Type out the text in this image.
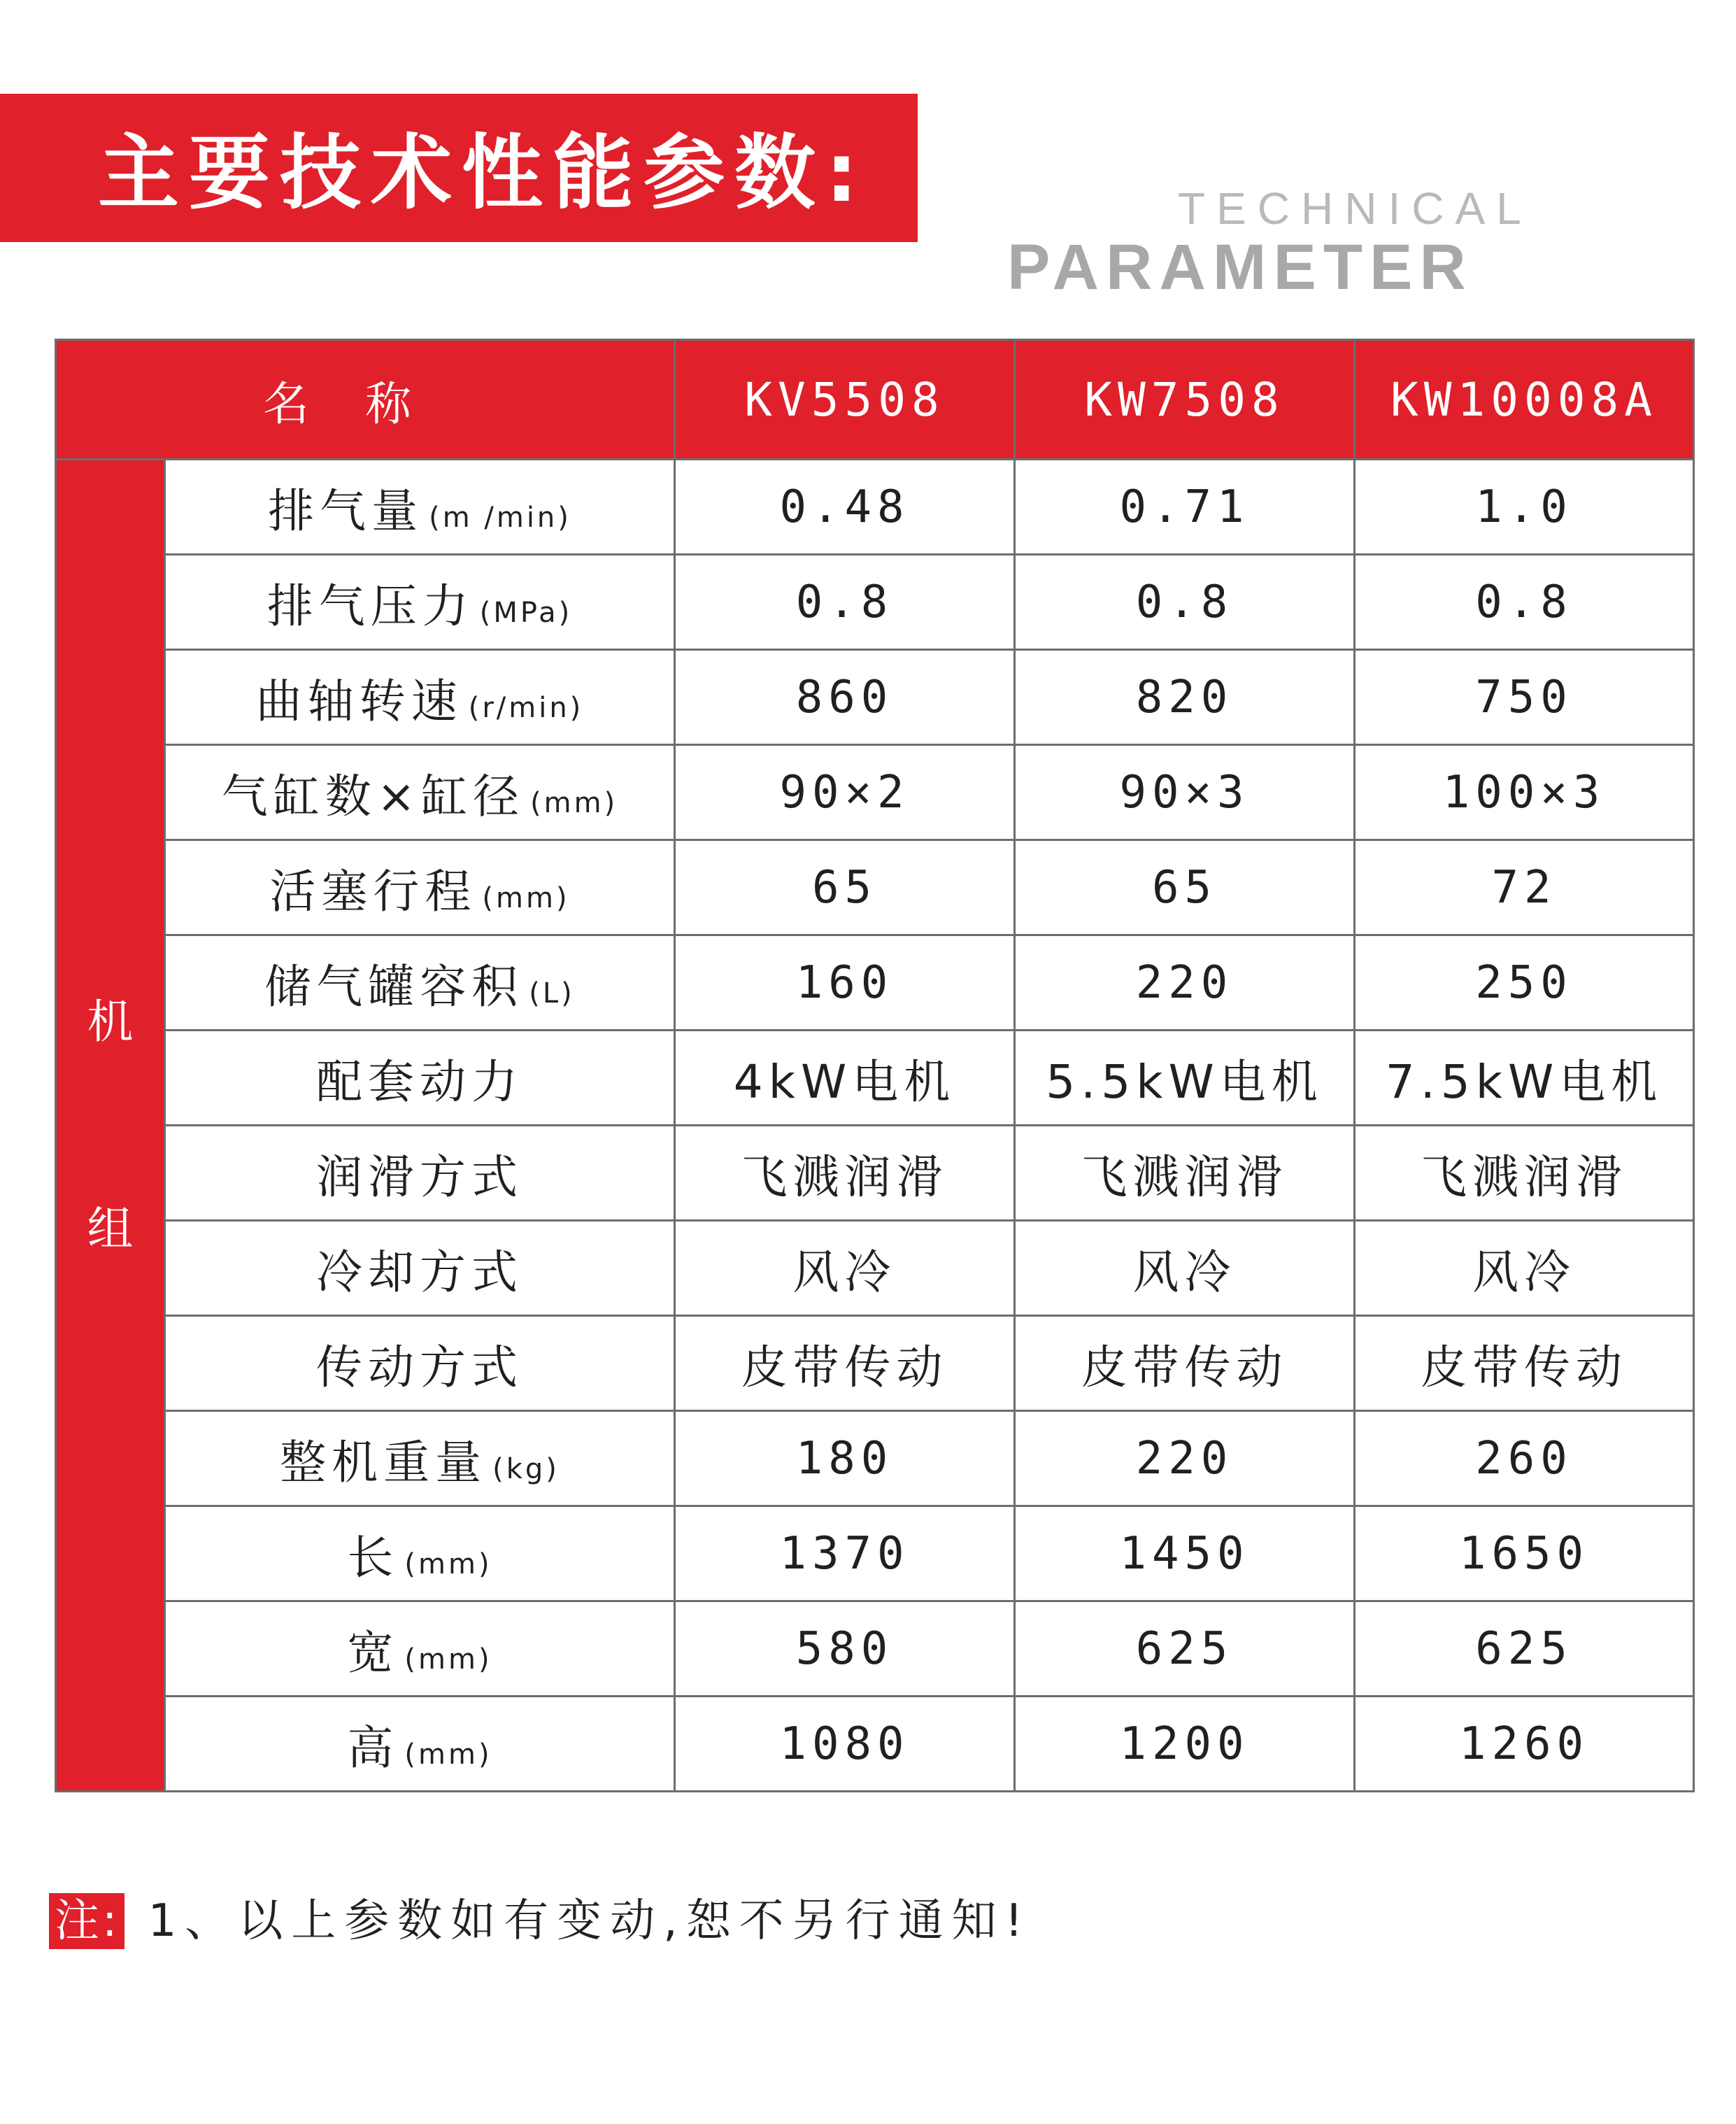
主要技术性能参数:	TECHNICAL
PARAMETER
名称		KV5508	KW7508	KW10008A

机
组	排气量 (m /min)	0.48	0.71	1.0
	排气压力 (MPa)	0.8	0.8	0.8
	曲轴转速 (r/min)	860	820	750
	气缸数×缸径 (mm)	90×2	90×3	100×3
	活塞行程 (mm)	65	65	72
	储气罐容积 (L)	160	220	250
	配套动力	4kW电机	5.5kW电机	7.5kW电机
	润滑方式	飞溅润滑	飞溅润滑	飞溅润滑
	冷却方式	风冷	风冷	风冷
	传动方式	皮带传动	皮带传动	皮带传动
	整机重量 (kg)	180	220	260
	长 (mm)	1370	1450	1650
	宽 (mm)	580	625	625
	高 (mm)	1080	1200	1260
注: 1、以上参数如有变动,恕不另行通知!
